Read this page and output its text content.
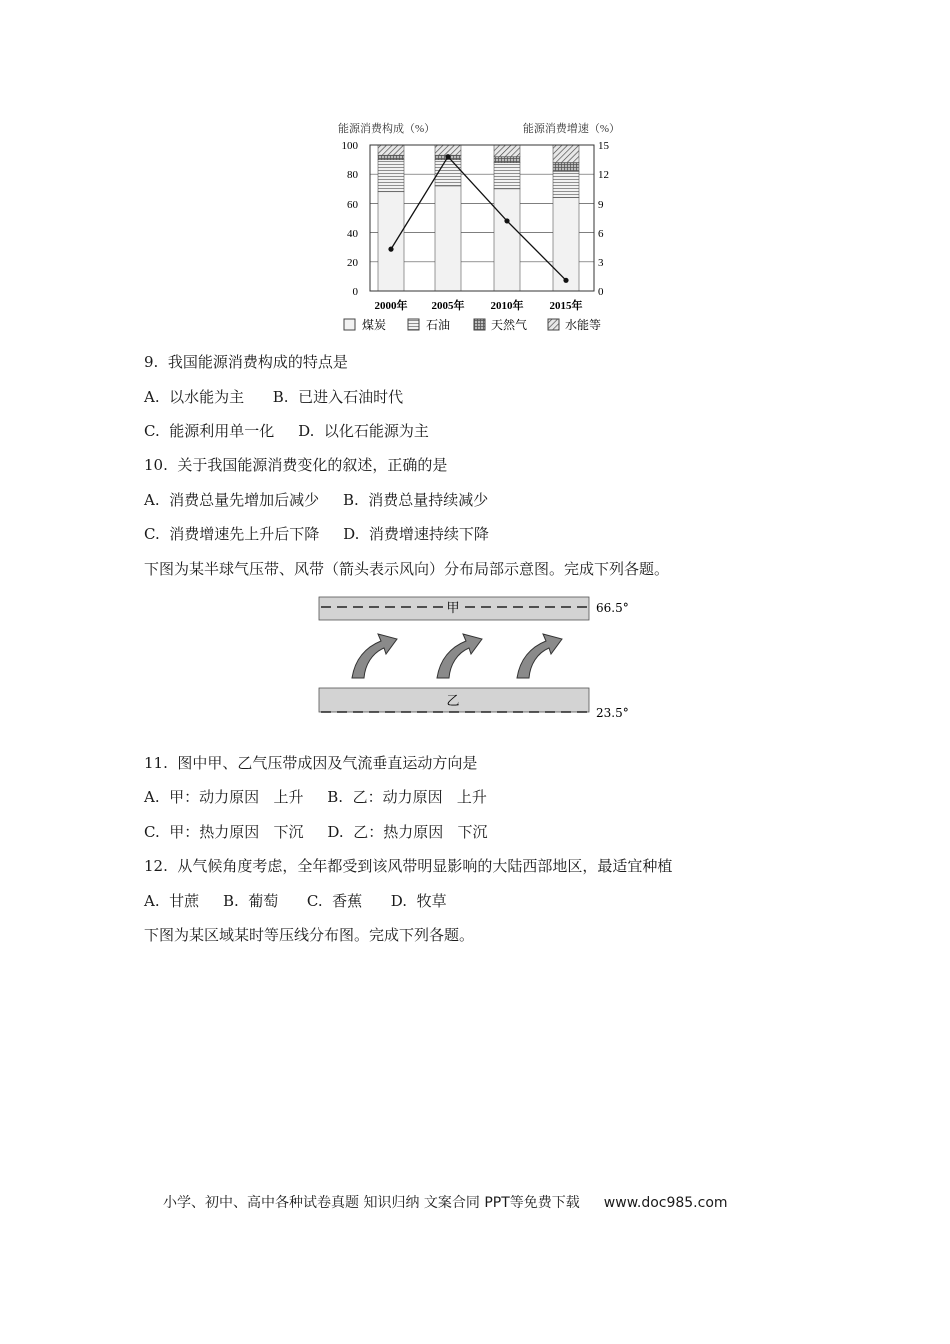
能源消费构成（%）	能源消费增速（%）
0
20
40
60
80
100
0
3
6
9
12
15
2000年 2005年 2010年 2015年
煤炭	石油	天然气	水能等
9.  我国能源消费构成的特点是
A.  以水能为主      B.  已进入石油时代
C.  能源利用单一化     D.  以化石能源为主
10.  关于我国能源消费变化的叙述，正确的是
A.  消费总量先增加后减少     B.  消费总量持续减少
C.  消费增速先上升后下降     D.  消费增速持续下降
下图为某半球气压带、风带（箭头表示风向）分布局部示意图。完成下列各题。
甲	66.5°
乙
23.5°
11.  图中甲、乙气压带成因及气流垂直运动方向是
A.  甲：动力原因   上升     B.  乙：动力原因   上升
C.  甲：热力原因   下沉     D.  乙：热力原因   下沉
12.  从气候角度考虑，全年都受到该风带明显影响的大陆西部地区，最适宜种植
A.  甘蔗     B.  葡萄      C.  香蕉      D.  牧草
下图为某区域某时等压线分布图。完成下列各题。
小学、初中、高中各种试卷真题 知识归纳 文案合同 PPT等免费下载 www.doc985.com
